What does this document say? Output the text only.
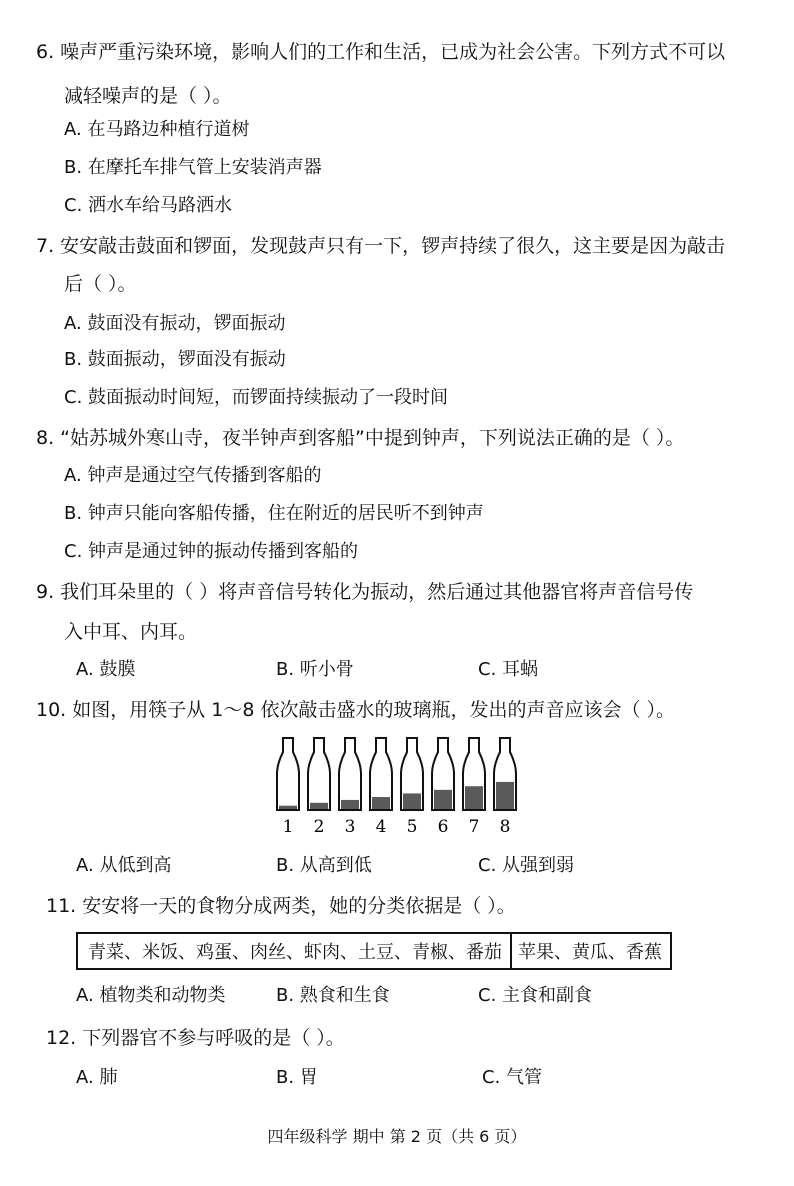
6. 噪声严重污染环境，影响人们的工作和生活，已成为社会公害。下列方式不可以
减轻噪声的是（ ）。
A. 在马路边种植行道树
B. 在摩托车排气管上安装消声器
C. 洒水车给马路洒水
7. 安安敲击鼓面和锣面，发现鼓声只有一下，锣声持续了很久，这主要是因为敲击
后（ ）。
A. 鼓面没有振动，锣面振动
B. 鼓面振动，锣面没有振动
C. 鼓面振动时间短，而锣面持续振动了一段时间
8. “姑苏城外寒山寺，夜半钟声到客船”中提到钟声，下列说法正确的是（ ）。
A. 钟声是通过空气传播到客船的
B. 钟声只能向客船传播，住在附近的居民听不到钟声
C. 钟声是通过钟的振动传播到客船的
9. 我们耳朵里的（ ）将声音信号转化为振动，然后通过其他器官将声音信号传
入中耳、内耳。
A. 鼓膜	B. 听小骨	C. 耳蜗
10. 如图，用筷子从 1～8 依次敲击盛水的玻璃瓶，发出的声音应该会（ ）。
1 2 3 4 5 6 7 8
A. 从低到高	B. 从高到低	C. 从强到弱
11. 安安将一天的食物分成两类，她的分类依据是（ ）。
青菜、米饭、鸡蛋、肉丝、虾肉、土豆、青椒、番茄 苹果、黄瓜、香蕉
A. 植物类和动物类	B. 熟食和生食	C. 主食和副食
12. 下列器官不参与呼吸的是（ ）。
A. 肺	B. 胃	C. 气管
四年级科学 期中 第 2 页（共 6 页）
